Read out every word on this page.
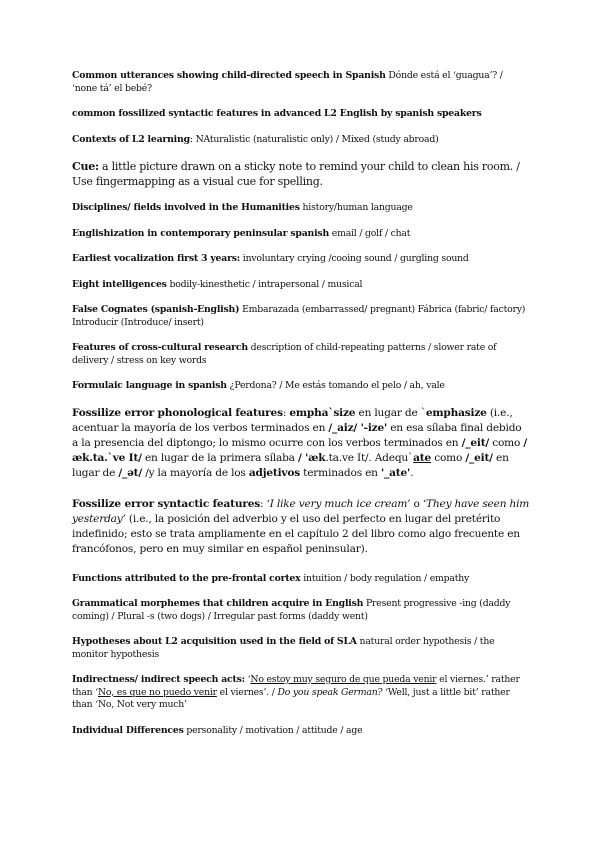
Common utterances showing child-directed speech in Spanish Dónde está el ‘guagua’? / ‘none tá’ el bebé?

common fossilized syntactic features in advanced L2 English by spanish speakers

Contexts of L2 learning: NAturalistic (naturalistic only) / Mixed (study abroad)

Cue: a little picture drawn on a sticky note to remind your child to clean his room. / Use fingermapping as a visual cue for spelling.

Disciplines/ fields involved in the Humanities history/human language

Englishization in contemporary peninsular spanish email / golf / chat

Earliest vocalization first 3 years: involuntary crying /cooing sound / gurgling sound

Eight intelligences bodily-kinesthetic / intrapersonal / musical

False Cognates (spanish-English) Embarazada (embarrassed/ pregnant) Fábrica (fabric/ factory) Introducir (Introduce/ insert)

Features of cross-cultural research description of child-repeating patterns / slower rate of delivery / stress on key words

Formulaic language in spanish ¿Perdona? / Me estás tomando el pelo / ah, vale

Fossilize error phonological features: empha`size en lugar de `emphasize (i.e., acentuar la mayoría de los verbos terminados en /_aiz/ '-ize' en esa sílaba final debido a la presencia del diptongo; lo mismo ocurre con los verbos terminados en /_eit/ como /æk.ta.`ve It/ en lugar de la primera sílaba / 'æk.ta.ve It/. Adequ`ate como /_eit/ en lugar de /_ət/ /y la mayoría de los adjetivos terminados en '_ate'.

Fossilize error syntactic features: ‘I like very much ice cream’ o ‘They have seen him yesterday’ (i.e., la posición del adverbio y el uso del perfecto en lugar del pretérito indefinido; esto se trata ampliamente en el capítulo 2 del libro como algo frecuente en francófonos, pero en muy similar en español peninsular).

Functions attributed to the pre-frontal cortex intuition / body regulation / empathy

Grammatical morphemes that children acquire in English Present progressive -ing (daddy coming) / Plural -s (two dogs) / Irregular past forms (daddy went)

Hypotheses about L2 acquisition used in the field of SLA natural order hypothesis / the monitor hypothesis

Indirectness/ indirect speech acts: ‘No estoy muy seguro de que pueda venir el viernes.’ rather than ‘No, es que no puedo venir el viernes’. / Do you speak German? ‘Well, just a little bit’ rather than ‘No, Not very much’

Individual Differences personality / motivation / attitude / age
